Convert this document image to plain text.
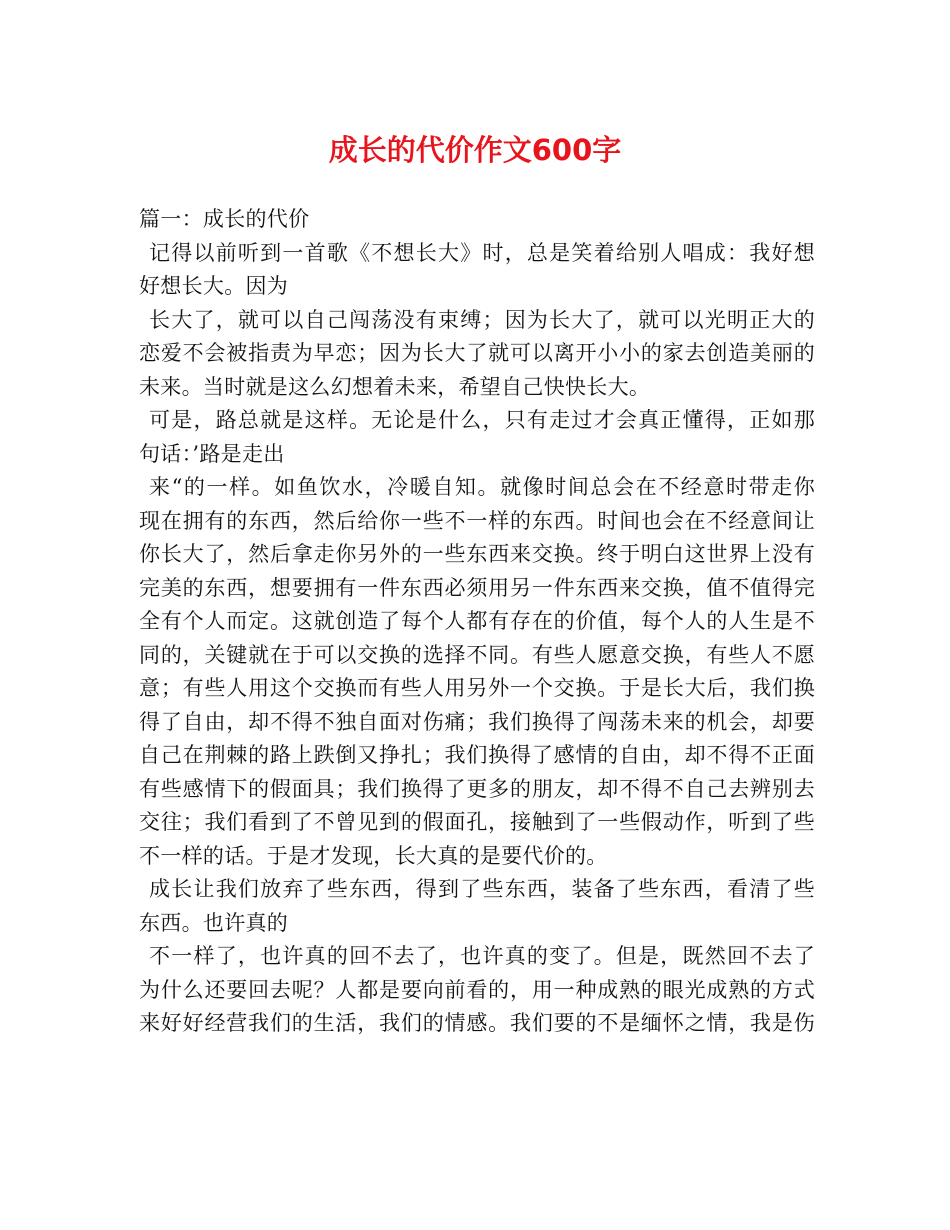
成长的代价作文600字
篇一：成长的代价
记得以前听到一首歌《不想长大》时，总是笑着给别人唱成：我好想
好想长大。因为
长大了，就可以自己闯荡没有束缚；因为长大了，就可以光明正大的
恋爱不会被指责为早恋；因为长大了就可以离开小小的家去创造美丽的
未来。当时就是这么幻想着未来，希望自己快快长大。
可是，路总就是这样。无论是什么，只有走过才会真正懂得，正如那
句话：’路是走出
来“的一样。如鱼饮水，冷暖自知。就像时间总会在不经意时带走你
现在拥有的东西，然后给你一些不一样的东西。时间也会在不经意间让
你长大了，然后拿走你另外的一些东西来交换。终于明白这世界上没有
完美的东西，想要拥有一件东西必须用另一件东西来交换，值不值得完
全有个人而定。这就创造了每个人都有存在的价值，每个人的人生是不
同的，关键就在于可以交换的选择不同。有些人愿意交换，有些人不愿
意；有些人用这个交换而有些人用另外一个交换。于是长大后，我们换
得了自由，却不得不独自面对伤痛；我们换得了闯荡未来的机会，却要
自己在荆棘的路上跌倒又挣扎；我们换得了感情的自由，却不得不正面
有些感情下的假面具；我们换得了更多的朋友，却不得不自己去辨别去
交往；我们看到了不曾见到的假面孔，接触到了一些假动作，听到了些
不一样的话。于是才发现，长大真的是要代价的。
成长让我们放弃了些东西，得到了些东西，装备了些东西，看清了些
东西。也许真的
不一样了，也许真的回不去了，也许真的变了。但是，既然回不去了
为什么还要回去呢？人都是要向前看的，用一种成熟的眼光成熟的方式
来好好经营我们的生活，我们的情感。我们要的不是缅怀之情，我是伤
